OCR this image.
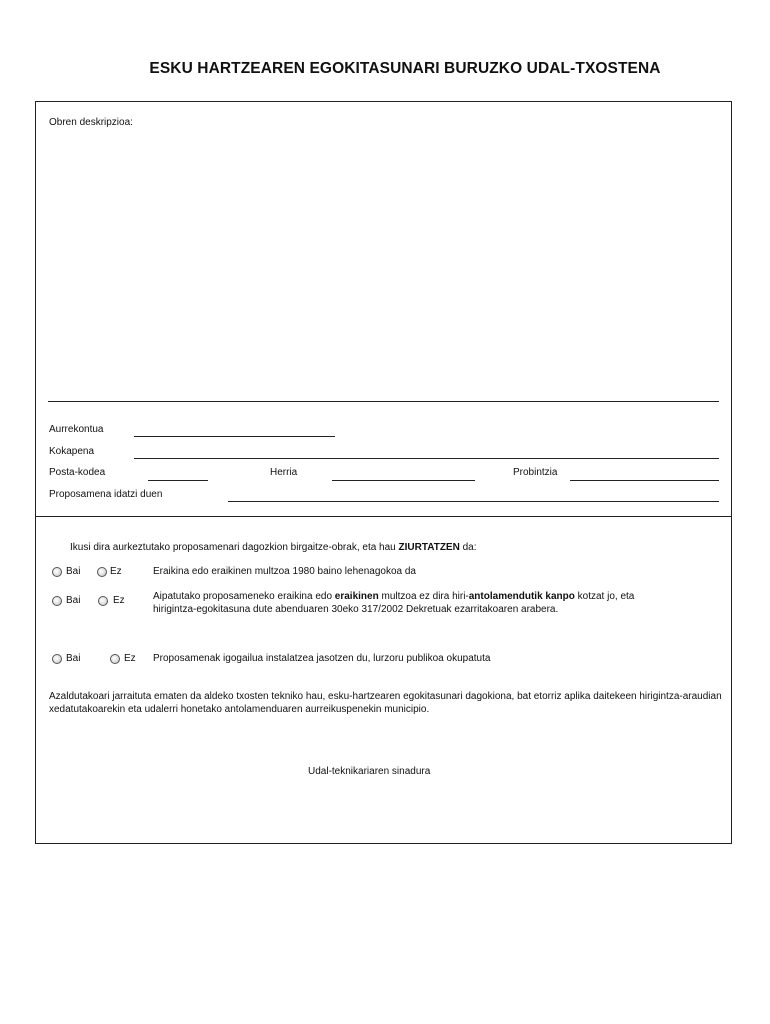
ESKU HARTZEAREN EGOKITASUNARI BURUZKO UDAL-TXOSTENA
Obren deskripzioa:
Aurrekontua
Kokapena
Posta-kodea	Herria	Probintzia
Proposamena idatzi duen
Ikusi dira aurkeztutako proposamenari dagozkion birgaitze-obrak, eta hau ZIURTATZEN da:
Bai	Ez	Eraikina edo eraikinen multzoa 1980 baino lehenagokoa da
Bai	Ez	Aipatutako proposameneko eraikina edo eraikinen multzoa ez dira hiri-antolamendutik kanpo kotzat jo, eta
hirigintza-egokitasuna dute abenduaren 30eko 317/2002 Dekretuak ezarritakoaren arabera.
Bai	Ez Proposamenak igogailua instalatzea jasotzen du, lurzoru publikoa okupatuta
Azaldutakoari jarraituta ematen da aldeko txosten tekniko hau, esku-hartzearen egokitasunari dagokiona, bat etorriz aplika daitekeen hirigintza-araudian xedatutakoarekin eta udalerri honetako antolamenduaren aurreikuspenekin municipio.
Udal-teknikariaren sinadura
